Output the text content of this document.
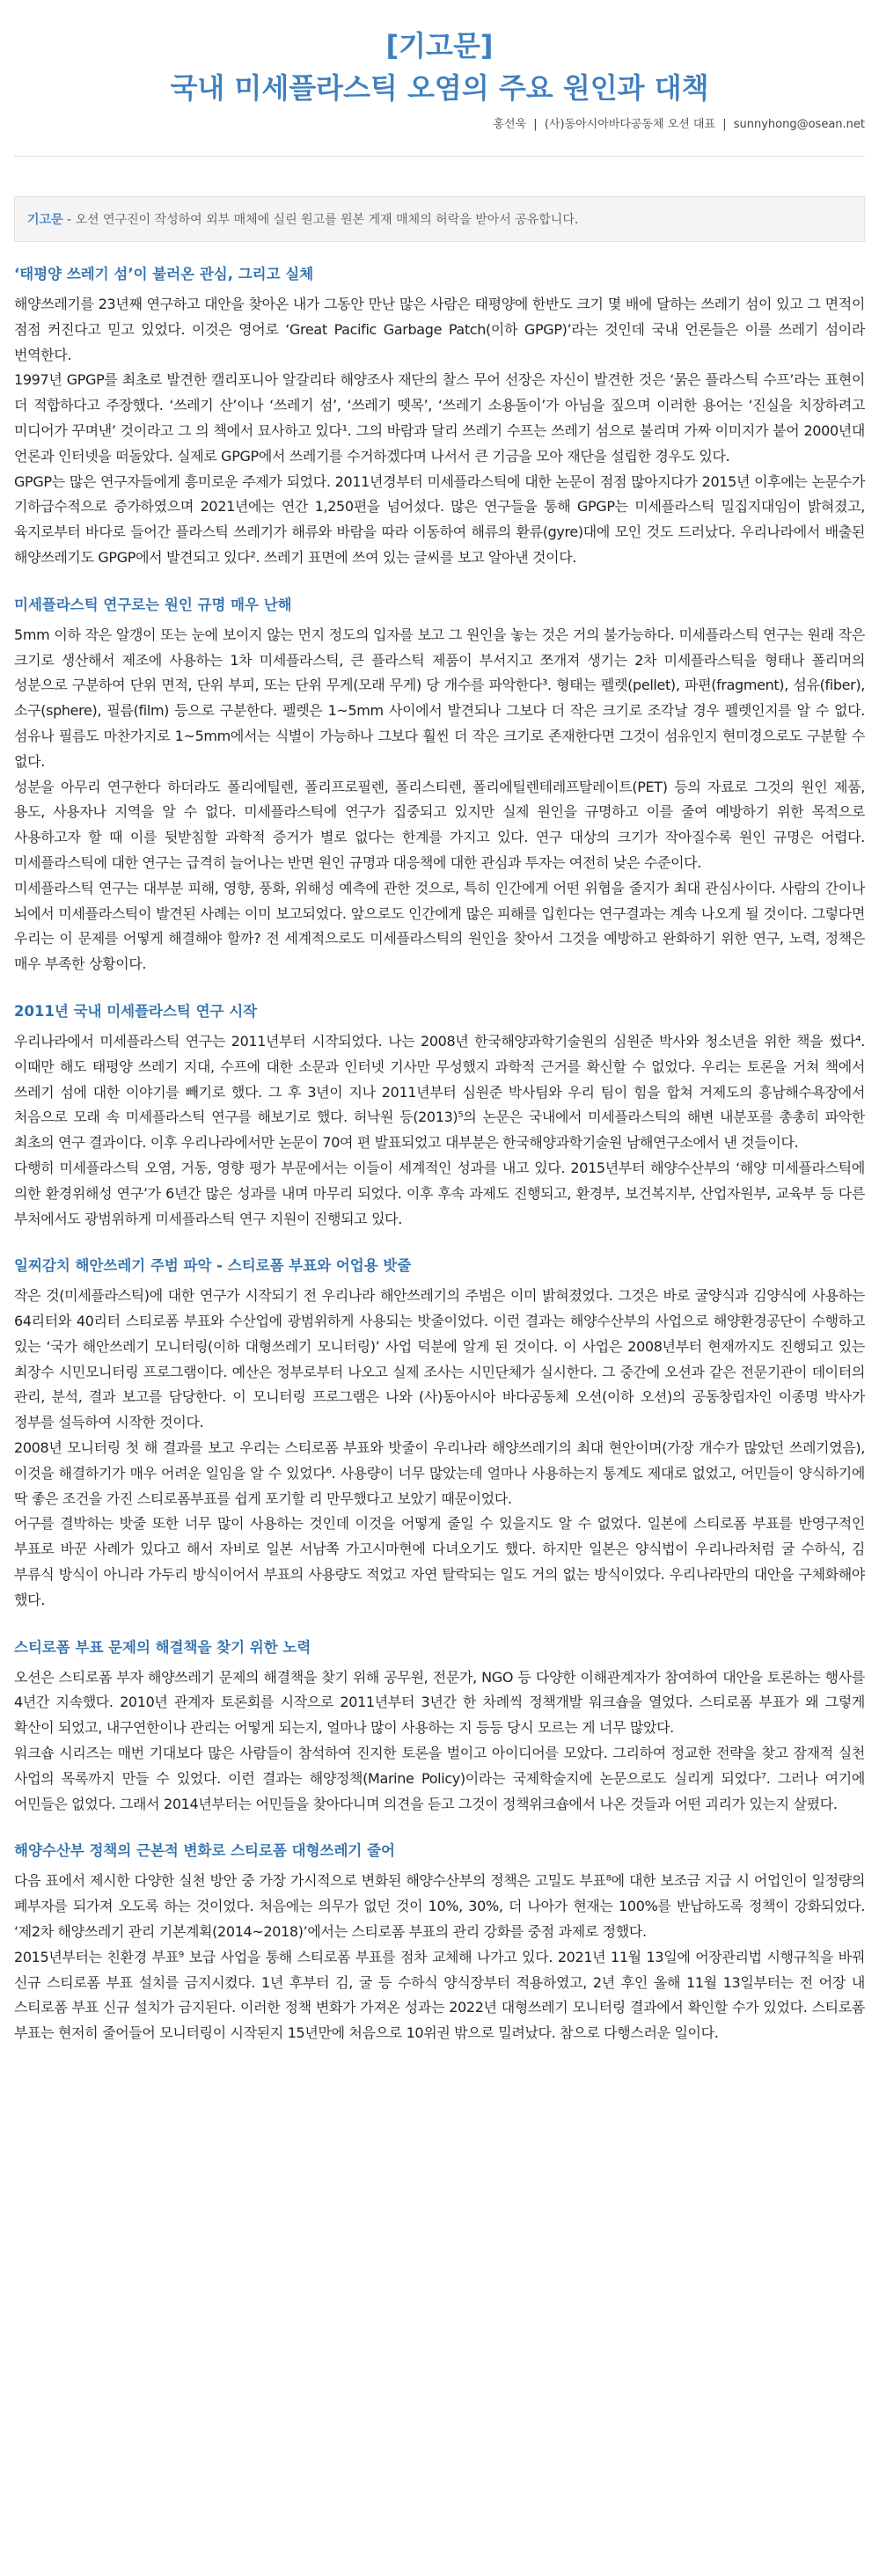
[기고문]
국내 미세플라스틱 오염의 주요 원인과 대책
홍선욱 | (사)동아시아바다공동체 오션 대표 | sunnyhong@osean.net
기고문 - 오션 연구진이 작성하여 외부 매체에 실린 원고를 원본 게재 매체의 허락을 받아서 공유합니다.
‘태평양 쓰레기 섬’이 불러온 관심, 그리고 실체

해양쓰레기를 23년째 연구하고 대안을 찾아온 내가 그동안 만난 많은 사람은 태평양에 한반도 크기 몇 배에 달하는 쓰레기 섬이 있고 그 면적이 점점 커진다고 믿고 있었다. 이것은 영어로 ‘Great Pacific Garbage Patch(이하 GPGP)’라는 것인데 국내 언론들은 이를 쓰레기 섬이라 번역한다.

1997년 GPGP를 최초로 발견한 캘리포니아 알갈리타 해양조사 재단의 찰스 무어 선장은 자신이 발견한 것은 ‘묽은 플라스틱 수프’라는 표현이 더 적합하다고 주장했다. ‘쓰레기 산’이나 ‘쓰레기 섬’, ‘쓰레기 뗏목’, ‘쓰레기 소용돌이’가 아님을 짚으며 이러한 용어는 ‘진실을 치장하려고 미디어가 꾸며낸’ 것이라고 그 의 책에서 묘사하고 있다¹. 그의 바람과 달리 쓰레기 수프는 쓰레기 섬으로 불리며 가짜 이미지가 붙어 2000년대 언론과 인터넷을 떠돌았다. 실제로 GPGP에서 쓰레기를 수거하겠다며 나서서 큰 기금을 모아 재단을 설립한 경우도 있다.

GPGP는 많은 연구자들에게 흥미로운 주제가 되었다. 2011년경부터 미세플라스틱에 대한 논문이 점점 많아지다가 2015년 이후에는 논문수가 기하급수적으로 증가하였으며 2021년에는 연간 1,250편을 넘어섰다. 많은 연구들을 통해 GPGP는 미세플라스틱 밀집지대임이 밝혀졌고, 육지로부터 바다로 들어간 플라스틱 쓰레기가 해류와 바람을 따라 이동하여 해류의 환류(gyre)대에 모인 것도 드러났다. 우리나라에서 배출된 해양쓰레기도 GPGP에서 발견되고 있다². 쓰레기 표면에 쓰여 있는 글씨를 보고 알아낸 것이다.

미세플라스틱 연구로는 원인 규명 매우 난해

5mm 이하 작은 알갱이 또는 눈에 보이지 않는 먼지 정도의 입자를 보고 그 원인을 놓는 것은 거의 불가능하다. 미세플라스틱 연구는 원래 작은 크기로 생산해서 제조에 사용하는 1차 미세플라스틱, 큰 플라스틱 제품이 부서지고 쪼개져 생기는 2차 미세플라스틱을 형태나 폴리머의 성분으로 구분하여 단위 면적, 단위 부피, 또는 단위 무게(모래 무게) 당 개수를 파악한다³. 형태는 펠렛(pellet), 파편(fragment), 섬유(fiber), 소구(sphere), 필름(film) 등으로 구분한다. 펠렛은 1~5mm 사이에서 발견되나 그보다 더 작은 크기로 조각날 경우 펠렛인지를 알 수 없다. 섬유나 필름도 마찬가지로 1~5mm에서는 식별이 가능하나 그보다 훨씬 더 작은 크기로 존재한다면 그것이 섬유인지 현미경으로도 구분할 수 없다.

성분을 아무리 연구한다 하더라도 폴리에틸렌, 폴리프로필렌, 폴리스티렌, 폴리에틸렌테레프탈레이트(PET) 등의 자료로 그것의 원인 제품, 용도, 사용자나 지역을 알 수 없다. 미세플라스틱에 연구가 집중되고 있지만 실제 원인을 규명하고 이를 줄여 예방하기 위한 목적으로 사용하고자 할 때 이를 뒷받침할 과학적 증거가 별로 없다는 한계를 가지고 있다. 연구 대상의 크기가 작아질수록 원인 규명은 어렵다. 미세플라스틱에 대한 연구는 급격히 늘어나는 반면 원인 규명과 대응책에 대한 관심과 투자는 여전히 낮은 수준이다.

미세플라스틱 연구는 대부분 피해, 영향, 풍화, 위해성 예측에 관한 것으로, 특히 인간에게 어떤 위협을 줄지가 최대 관심사이다. 사람의 간이나 뇌에서 미세플라스틱이 발견된 사례는 이미 보고되었다. 앞으로도 인간에게 많은 피해를 입힌다는 연구결과는 계속 나오게 될 것이다. 그렇다면 우리는 이 문제를 어떻게 해결해야 할까? 전 세계적으로도 미세플라스틱의 원인을 찾아서 그것을 예방하고 완화하기 위한 연구, 노력, 정책은 매우 부족한 상황이다.

2011년 국내 미세플라스틱 연구 시작

우리나라에서 미세플라스틱 연구는 2011년부터 시작되었다. 나는 2008년 한국해양과학기술원의 심원준 박사와 청소년을 위한 책을 썼다⁴. 이때만 해도 태평양 쓰레기 지대, 수프에 대한 소문과 인터넷 기사만 무성했지 과학적 근거를 확신할 수 없었다. 우리는 토론을 거쳐 책에서 쓰레기 섬에 대한 이야기를 빼기로 했다. 그 후 3년이 지나 2011년부터 심원준 박사팀와 우리 팀이 힘을 합쳐 거제도의 흥남해수욕장에서 처음으로 모래 속 미세플라스틱 연구를 해보기로 했다. 허낙원 등(2013)⁵의 논문은 국내에서 미세플라스틱의 해변 내분포를 총총히 파악한 최초의 연구 결과이다. 이후 우리나라에서만 논문이 70여 편 발표되었고 대부분은 한국해양과학기술원 남해연구소에서 낸 것들이다.

다행히 미세플라스틱 오염, 거동, 영향 평가 부문에서는 이들이 세계적인 성과를 내고 있다. 2015년부터 해양수산부의 ‘해양 미세플라스틱에 의한 환경위해성 연구’가 6년간 많은 성과를 내며 마무리 되었다. 이후 후속 과제도 진행되고, 환경부, 보건복지부, 산업자원부, 교육부 등 다른 부처에서도 광범위하게 미세플라스틱 연구 지원이 진행되고 있다.

일찌감치 해안쓰레기 주범 파악 - 스티로폼 부표와 어업용 밧줄

작은 것(미세플라스틱)에 대한 연구가 시작되기 전 우리나라 해안쓰레기의 주범은 이미 밝혀졌었다. 그것은 바로 굴양식과 김양식에 사용하는 64리터와 40리터 스티로폼 부표와 수산업에 광범위하게 사용되는 밧줄이었다. 이런 결과는 해양수산부의 사업으로 해양환경공단이 수행하고 있는 ‘국가 해안쓰레기 모니터링(이하 대형쓰레기 모니터링)’ 사업 덕분에 알게 된 것이다. 이 사업은 2008년부터 현재까지도 진행되고 있는 최장수 시민모니터링 프로그램이다. 예산은 정부로부터 나오고 실제 조사는 시민단체가 실시한다. 그 중간에 오션과 같은 전문기관이 데이터의 관리, 분석, 결과 보고를 담당한다. 이 모니터링 프로그램은 나와 (사)동아시아 바다공동체 오션(이하 오션)의 공동창립자인 이종명 박사가 정부를 설득하여 시작한 것이다.

2008년 모니터링 첫 해 결과를 보고 우리는 스티로폼 부표와 밧줄이 우리나라 해양쓰레기의 최대 현안이며(가장 개수가 많았던 쓰레기였음), 이것을 해결하기가 매우 어려운 일임을 알 수 있었다⁶. 사용량이 너무 많았는데 얼마나 사용하는지 통계도 제대로 없었고, 어민들이 양식하기에 딱 좋은 조건을 가진 스티로폼부표를 쉽게 포기할 리 만무했다고 보았기 때문이었다.

어구를 결박하는 밧줄 또한 너무 많이 사용하는 것인데 이것을 어떻게 줄일 수 있을지도 알 수 없었다. 일본에 스티로폼 부표를 반영구적인 부표로 바꾼 사례가 있다고 해서 자비로 일본 서남쪽 가고시마현에 다녀오기도 했다. 하지만 일본은 양식법이 우리나라처럼 굴 수하식, 김 부류식 방식이 아니라 가두리 방식이어서 부표의 사용량도 적었고 자연 탈락되는 일도 거의 없는 방식이었다. 우리나라만의 대안을 구체화해야 했다.

스티로폼 부표 문제의 해결책을 찾기 위한 노력

오션은 스티로폼 부자 해양쓰레기 문제의 해결책을 찾기 위해 공무원, 전문가, NGO 등 다양한 이해관계자가 참여하여 대안을 토론하는 행사를 4년간 지속했다. 2010년 관계자 토론회를 시작으로 2011년부터 3년간 한 차례씩 정책개발 워크숍을 열었다. 스티로폼 부표가 왜 그렇게 확산이 되었고, 내구연한이나 관리는 어떻게 되는지, 얼마나 많이 사용하는 지 등등 당시 모르는 게 너무 많았다.

워크숍 시리즈는 매번 기대보다 많은 사람들이 참석하여 진지한 토론을 벌이고 아이디어를 모았다. 그리하여 정교한 전략을 찾고 잠재적 실천 사업의 목록까지 만들 수 있었다. 이런 결과는 해양정책(Marine Policy)이라는 국제학술지에 논문으로도 실리게 되었다⁷. 그러나 여기에 어민들은 없었다. 그래서 2014년부터는 어민들을 찾아다니며 의견을 듣고 그것이 정책위크숍에서 나온 것들과 어떤 괴리가 있는지 살폈다.

해양수산부 정책의 근본적 변화로 스티로폼 대형쓰레기 줄어

다음 표에서 제시한 다양한 실천 방안 중 가장 가시적으로 변화된 해양수산부의 정책은 고밀도 부표⁸에 대한 보조금 지급 시 어업인이 일정량의 폐부자를 되가져 오도록 하는 것이었다. 처음에는 의무가 없던 것이 10%, 30%, 더 나아가 현재는 100%를 반납하도록 정책이 강화되었다. ‘제2차 해양쓰레기 관리 기본계획(2014~2018)’에서는 스티로폼 부표의 관리 강화를 중점 과제로 정했다.

2015년부터는 친환경 부표⁹ 보급 사업을 통해 스티로폼 부표를 점차 교체해 나가고 있다. 2021년 11월 13일에 어장관리법 시행규칙을 바꿔 신규 스티로폼 부표 설치를 금지시켰다. 1년 후부터 김, 굴 등 수하식 양식장부터 적용하였고, 2년 후인 올해 11월 13일부터는 전 어장 내 스티로폼 부표 신규 설치가 금지된다. 이러한 정책 변화가 가져온 성과는 2022년 대형쓰레기 모니터링 결과에서 확인할 수가 있었다. 스티로폼 부표는 현저히 줄어들어 모니터링이 시작된지 15년만에 처음으로 10위권 밖으로 밀려났다. 참으로 다행스러운 일이다.
